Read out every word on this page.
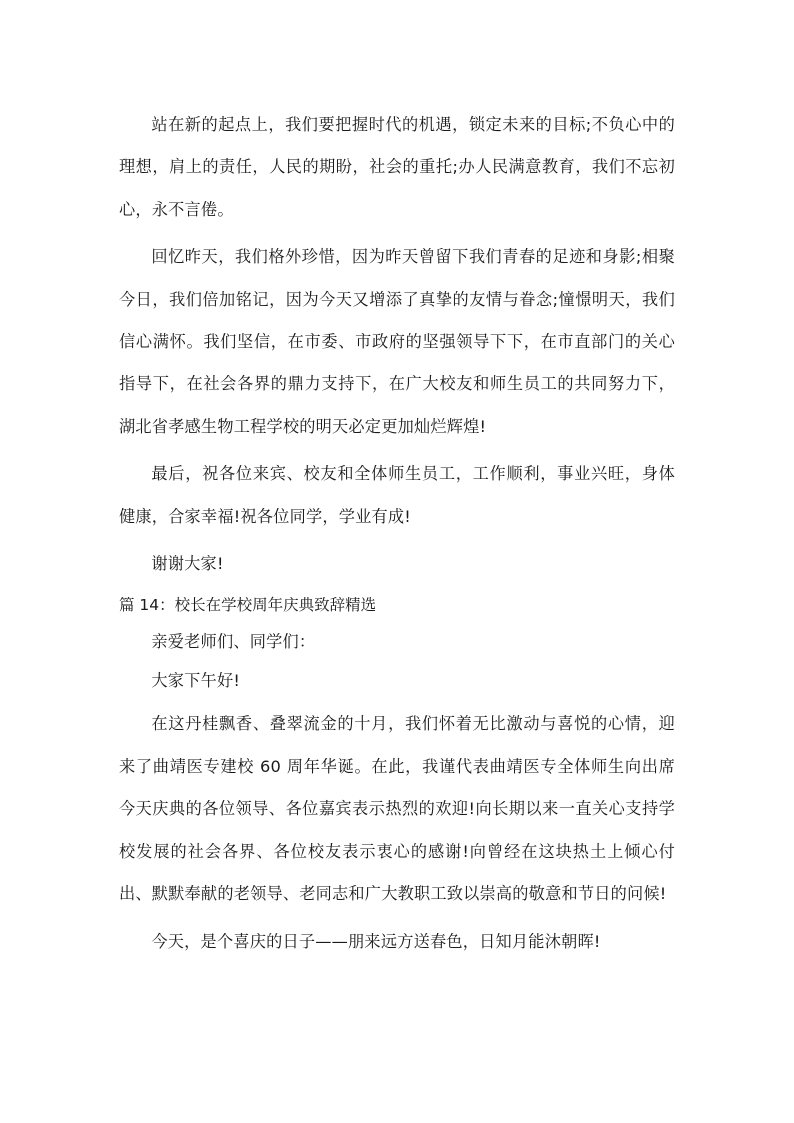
站在新的起点上，我们要把握时代的机遇，锁定未来的目标;不负心中的理想，肩上的责任，人民的期盼，社会的重托;办人民满意教育，我们不忘初心，永不言倦。

回忆昨天，我们格外珍惜，因为昨天曾留下我们青春的足迹和身影;相聚今日，我们倍加铭记，因为今天又增添了真挚的友情与眷念;憧憬明天，我们信心满怀。我们坚信，在市委、市政府的坚强领导下下，在市直部门的关心指导下，在社会各界的鼎力支持下，在广大校友和师生员工的共同努力下，湖北省孝感生物工程学校的明天必定更加灿烂辉煌!

最后，祝各位来宾、校友和全体师生员工，工作顺利，事业兴旺，身体健康，合家幸福!祝各位同学，学业有成!

谢谢大家!

篇 14：校长在学校周年庆典致辞精选

亲爱老师们、同学们：

大家下午好!

在这丹桂飘香、叠翠流金的十月，我们怀着无比激动与喜悦的心情，迎来了曲靖医专建校 60 周年华诞。在此，我谨代表曲靖医专全体师生向出席今天庆典的各位领导、各位嘉宾表示热烈的欢迎!向长期以来一直关心支持学校发展的社会各界、各位校友表示衷心的感谢!向曾经在这块热土上倾心付出、默默奉献的老领导、老同志和广大教职工致以崇高的敬意和节日的问候!

今天，是个喜庆的日子——朋来远方送春色，日知月能沐朝晖!
